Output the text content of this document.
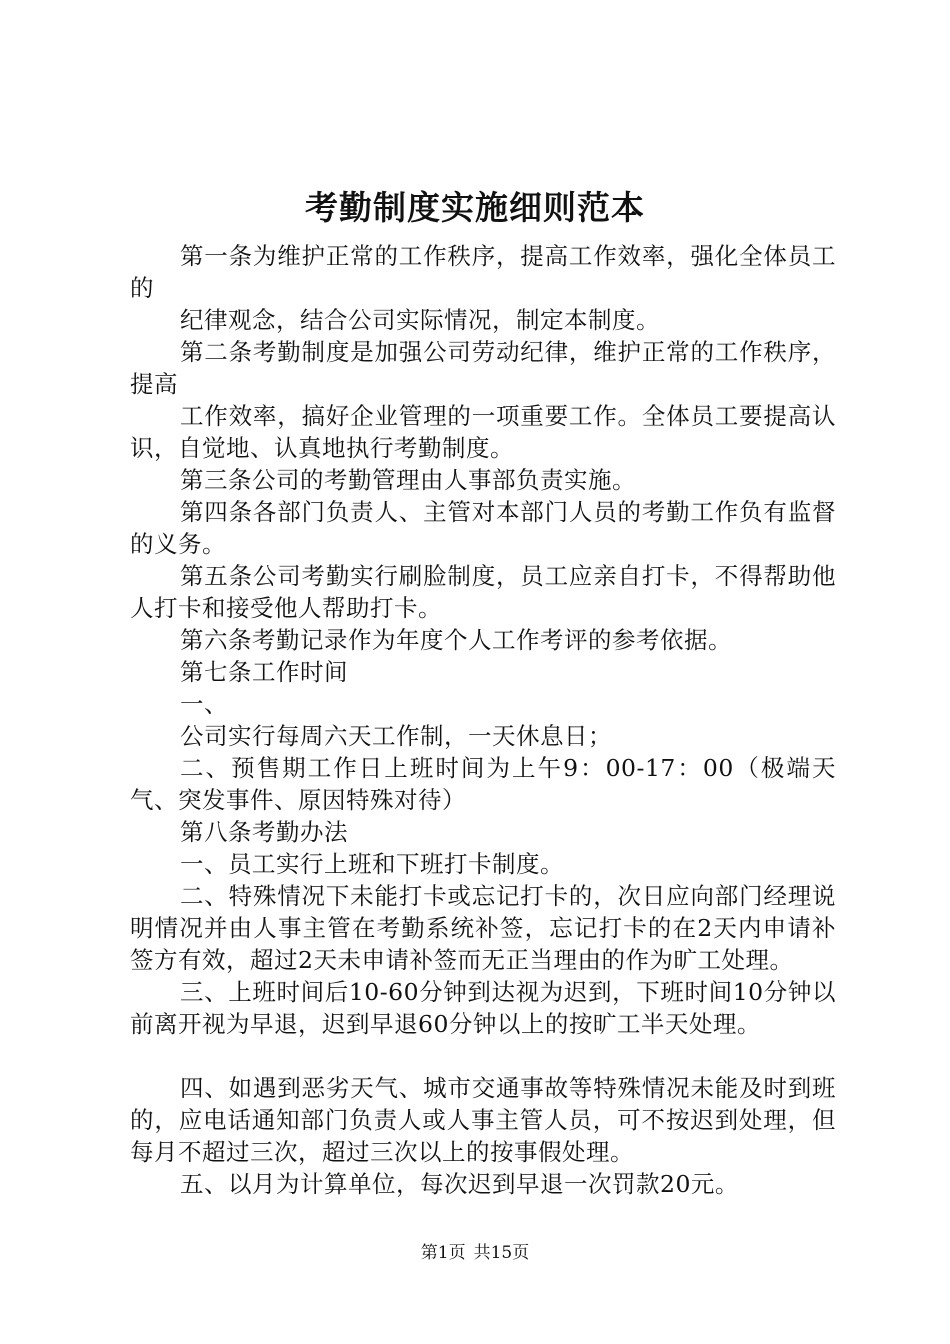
考勤制度实施细则范本

第一条为维护正常的工作秩序，提高工作效率，强化全体员工的

纪律观念，结合公司实际情况，制定本制度。

第二条考勤制度是加强公司劳动纪律，维护正常的工作秩序，提高

工作效率，搞好企业管理的一项重要工作。全体员工要提高认识，自觉地、认真地执行考勤制度。

第三条公司的考勤管理由人事部负责实施。

第四条各部门负责人、主管对本部门人员的考勤工作负有监督的义务。

第五条公司考勤实行刷脸制度，员工应亲自打卡，不得帮助他人打卡和接受他人帮助打卡。

第六条考勤记录作为年度个人工作考评的参考依据。

第七条工作时间

一、

公司实行每周六天工作制，一天休息日；

二、预售期工作日上班时间为上午9：00-17：00（极端天气、突发事件、原因特殊对待）

第八条考勤办法

一、员工实行上班和下班打卡制度。

二、特殊情况下未能打卡或忘记打卡的，次日应向部门经理说明情况并由人事主管在考勤系统补签，忘记打卡的在2天内申请补签方有效，超过2天未申请补签而无正当理由的作为旷工处理。

三、上班时间后10-60分钟到达视为迟到，下班时间10分钟以前离开视为早退，迟到早退60分钟以上的按旷工半天处理。

四、如遇到恶劣天气、城市交通事故等特殊情况未能及时到班的，应电话通知部门负责人或人事主管人员，可不按迟到处理，但每月不超过三次，超过三次以上的按事假处理。

五、以月为计算单位，每次迟到早退一次罚款20元。

第1页 共15页
